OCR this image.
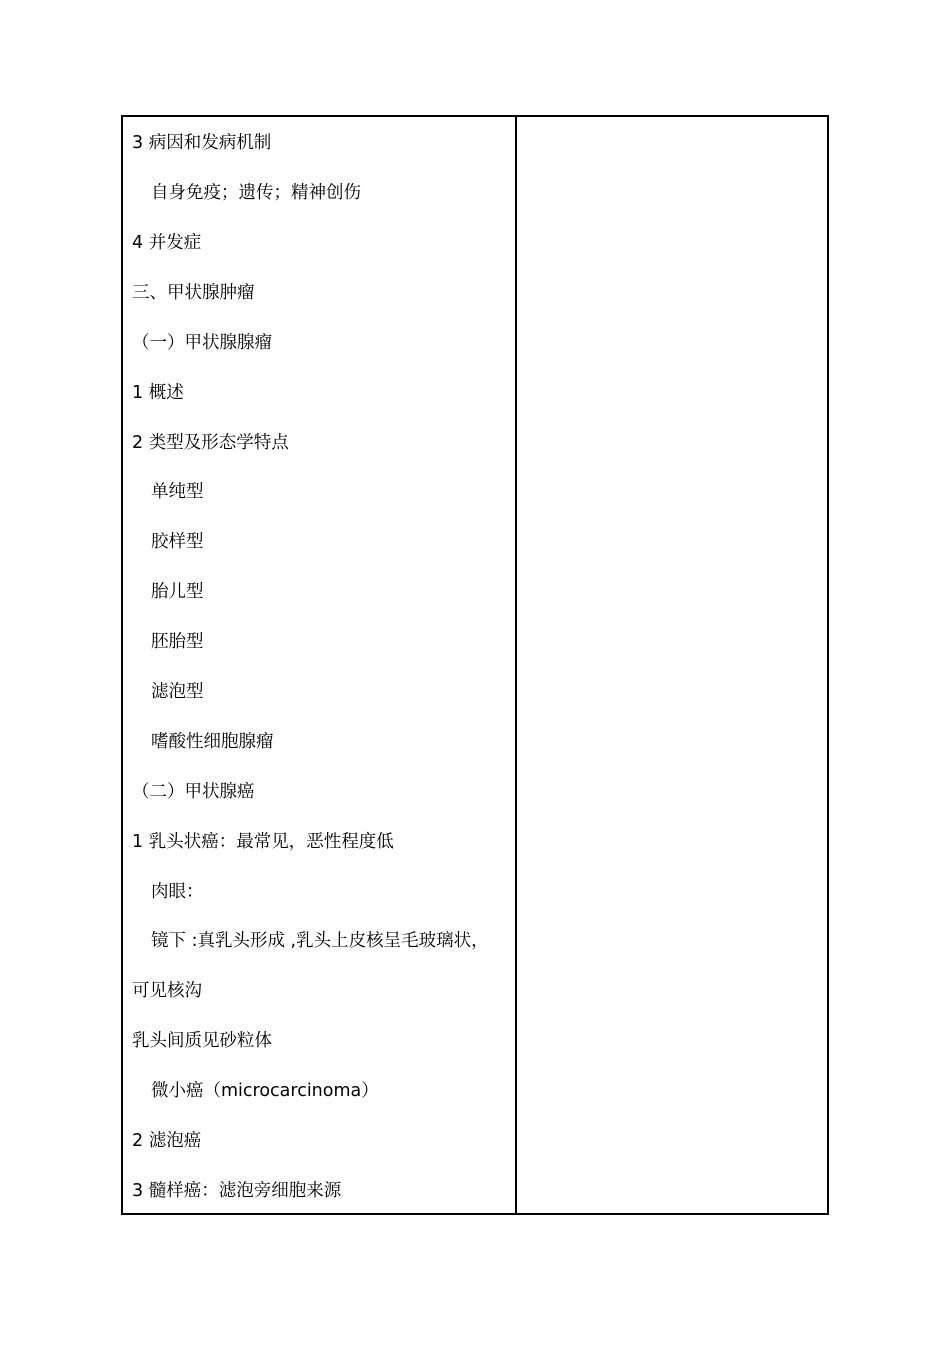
3 病因和发病机制
自身免疫；遗传；精神创伤
4 并发症
三、甲状腺肿瘤
（一）甲状腺腺瘤
1 概述
2 类型及形态学特点
单纯型
胶样型
胎儿型
胚胎型
滤泡型
嗜酸性细胞腺瘤
（二）甲状腺癌
1 乳头状癌：最常见，恶性程度低
肉眼：
镜下 :真乳头形成 ,乳头上皮核呈毛玻璃状，
可见核沟
乳头间质见砂粒体
微小癌（microcarcinoma）
2 滤泡癌
3 髓样癌：滤泡旁细胞来源
